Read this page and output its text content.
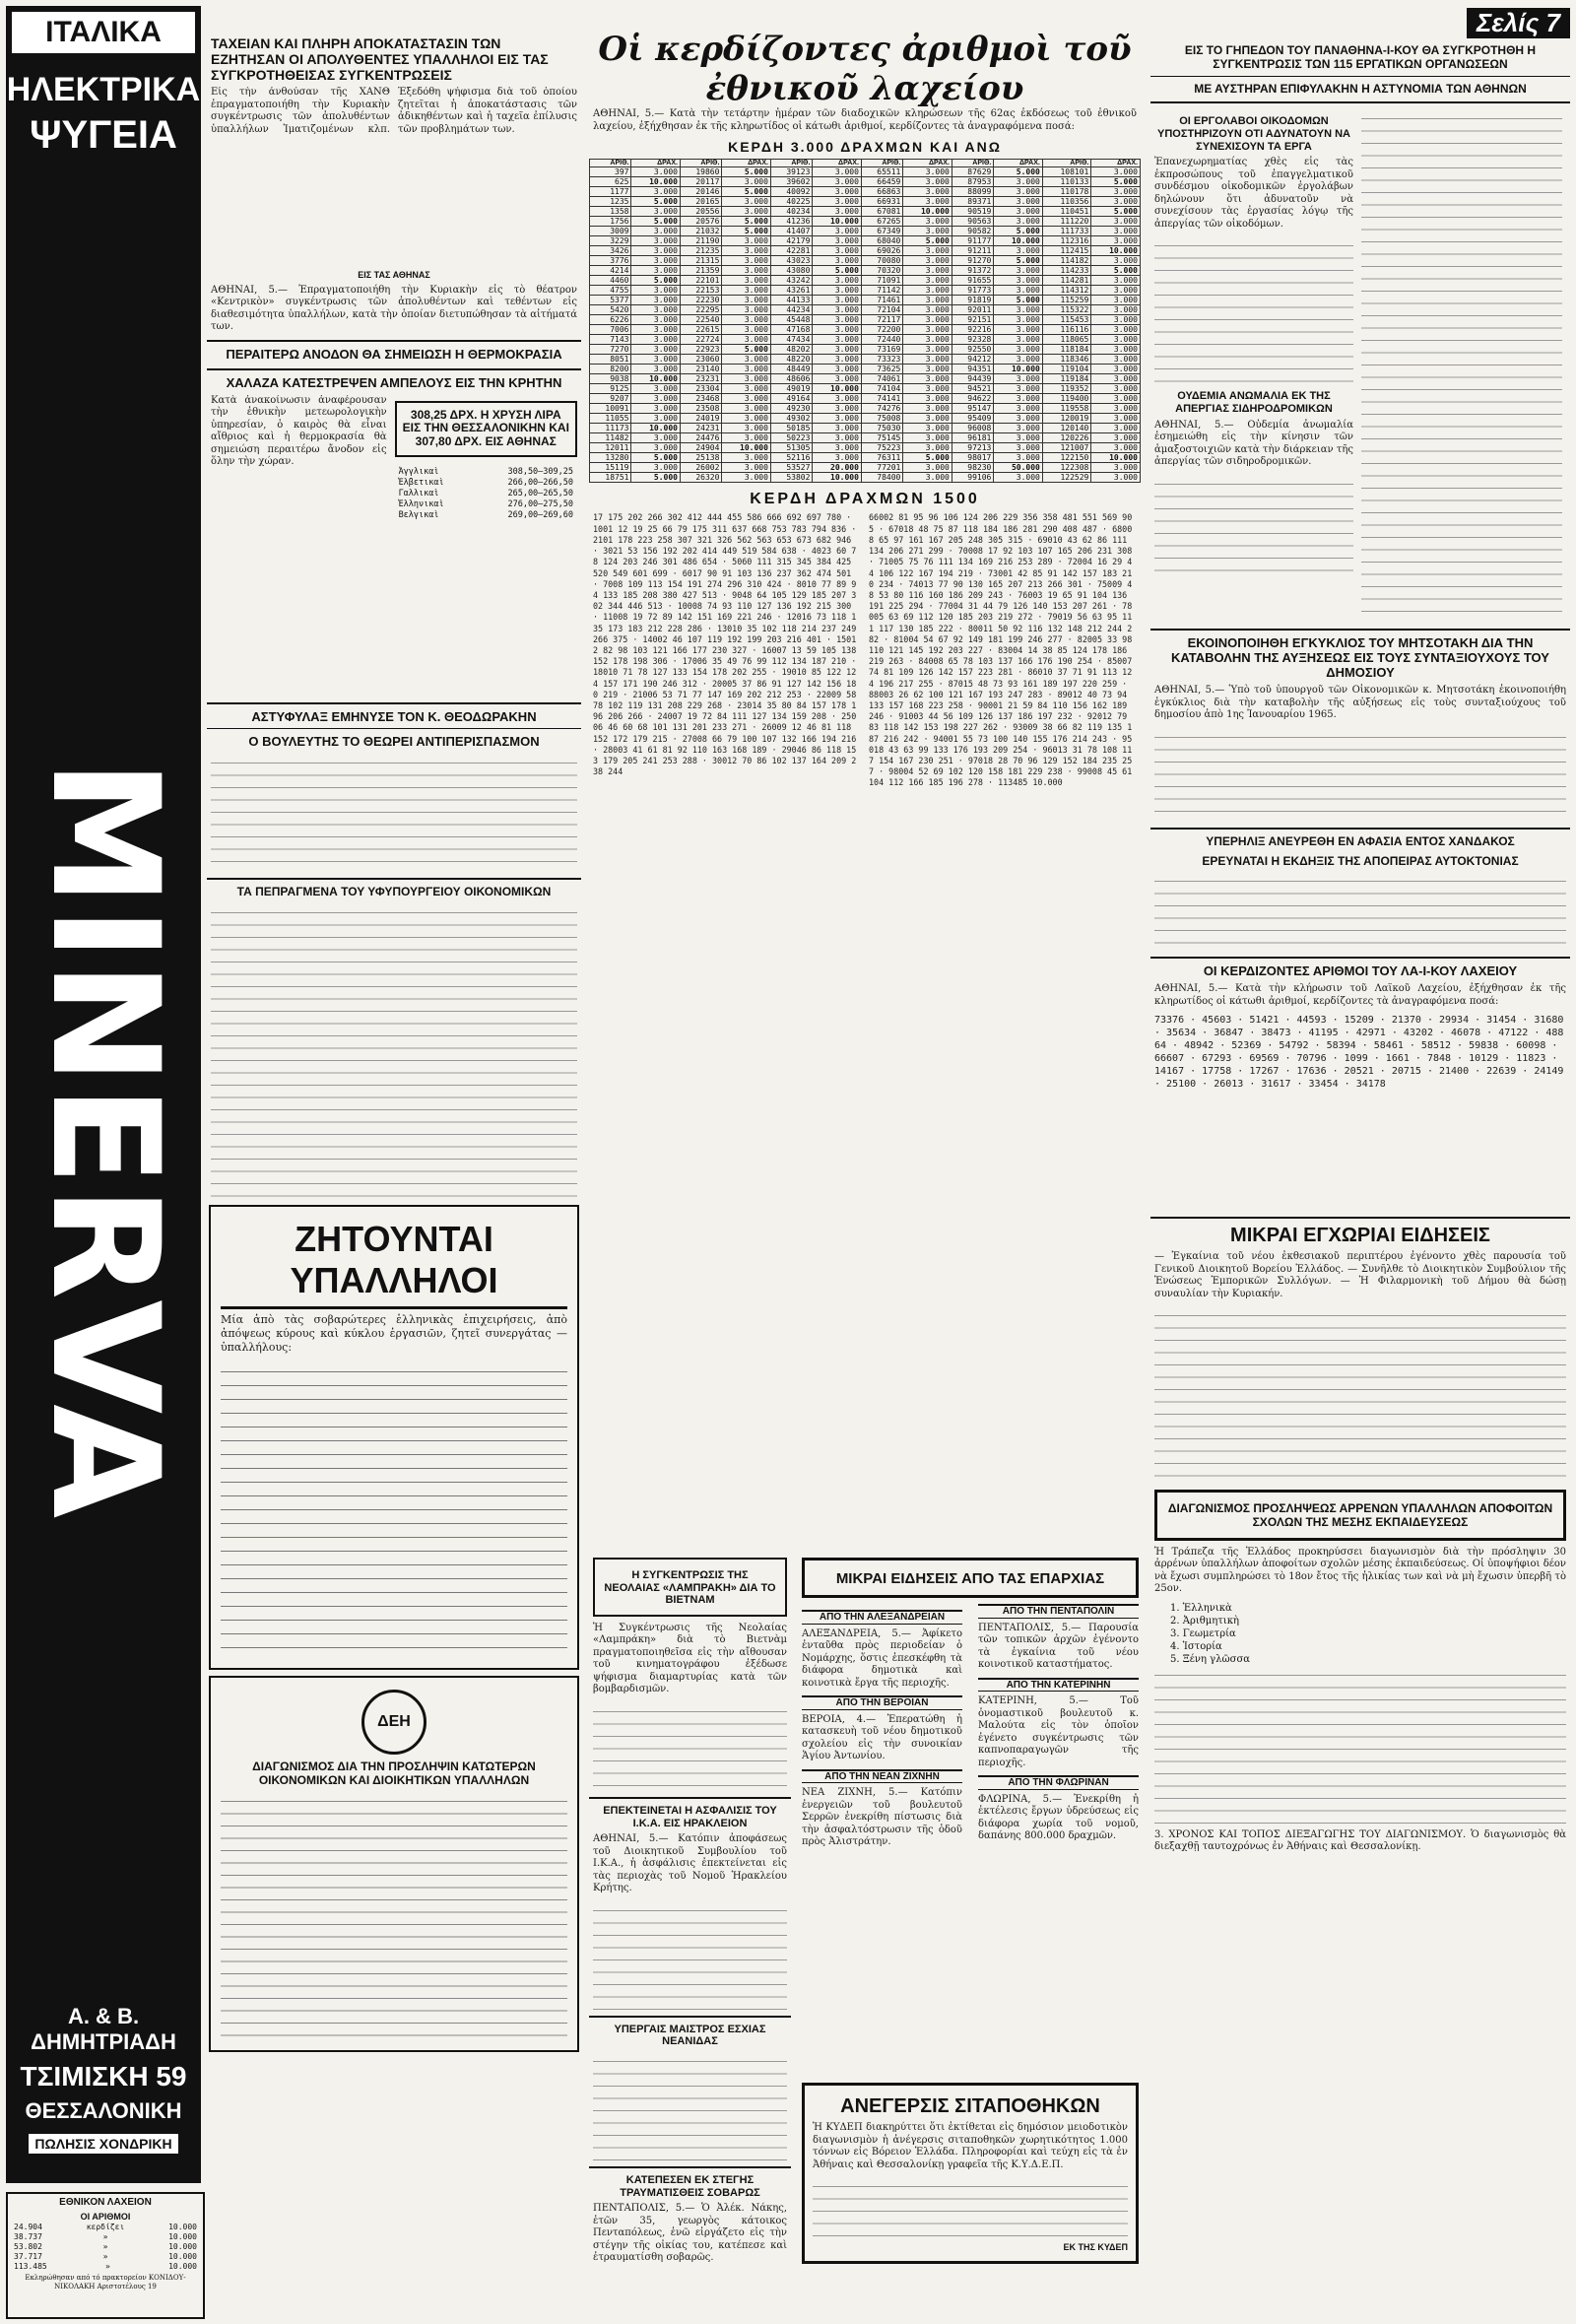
ΙΤΑΛΙΚΑ
ΗΛΕΚΤΡΙΚΑ
ΨΥΓΕΙΑ
MINERVA
Α. & Β. ΔΗΜΗΤΡΙΑΔΗ
ΤΣΙΜΙΣΚΗ 59
ΘΕΣΣΑΛΟΝΙΚΗ
ΠΩΛΗΣΙΣ ΧΟΝΔΡΙΚΗ
ΕΘΝΙΚΟΝ ΛΑΧΕΙΟΝ
ΟΙ ΑΡΙΘΜΟΙ
24.904	κερδίζει	10.000
38.737	»	10.000
53.802	»	10.000
37.717	»	10.000
113.485	»	10.000
Εκληρώθησαν από τό πρακτορείον ΚΟΝΙΔΟΥ-ΝΙΚΟΛΑΚΗ Αριστοτέλους 19
ΤΑΧΕΙΑΝ ΚΑΙ ΠΛΗΡΗ ΑΠΟΚΑΤΑΣΤΑΣΙΝ ΤΩΝ ΕΖΗΤΗΣΑΝ ΟΙ ΑΠΟΛΥΘΕΝΤΕΣ ΥΠΑΛΛΗΛΟΙ ΕΙΣ ΤΑΣ ΣΥΓΚΡΟΤΗΘΕΙΣΑΣ ΣΥΓΚΕΝΤΡΩΣΕΙΣ
Εἰς τὴν ἀνθούσαν τῆς ΧΑΝΘ ἐπραγματοποιήθη τὴν Κυριακὴν συγκέντρωσις τῶν ἀπολυθέντων ὑπαλλήλων Ἰματιζομένων κλπ. Ἐξεδόθη ψήφισμα διὰ τοῦ ὁποίου ζητεῖται ἡ ἀποκατάστασις τῶν ἀδικηθέντων καὶ ἡ ταχεῖα ἐπίλυσις τῶν προβλημάτων των.
ΕΙΣ ΤΑΣ ΑΘΗΝΑΣ
ΑΘΗΝΑΙ, 5.— Ἐπραγματοποιήθη τὴν Κυριακὴν εἰς τὸ θέατρον «Κεντρικὸν» συγκέντρωσις τῶν ἀπολυθέντων καὶ τεθέντων εἰς διαθεσιμότητα ὑπαλλήλων, κατὰ τὴν ὁποίαν διετυπώθησαν τὰ αἰτήματά των.
ΠΕΡΑΙΤΕΡΩ ΑΝΟΔΟΝ ΘΑ ΣΗΜΕΙΩΣΗ Η ΘΕΡΜΟΚΡΑΣΙΑ
ΧΑΛΑΖΑ ΚΑΤΕΣΤΡΕΨΕΝ ΑΜΠΕΛΟΥΣ ΕΙΣ ΤΗΝ ΚΡΗΤΗΝ
Κατὰ ἀνακοίνωσιν ἀναφέρουσαν τὴν ἐθνικὴν μετεωρολογικὴν ὑπηρεσίαν, ὁ καιρὸς θὰ εἶναι αἴθριος καὶ ἡ θερμοκρασία θὰ σημειώση περαιτέρω ἄνοδον εἰς ὅλην τὴν χώραν.
308,25 ΔΡΧ. Η ΧΡΥΣΗ ΛΙΡΑ ΕΙΣ ΤΗΝ ΘΕΣΣΑΛΟΝΙΚΗΝ ΚΑΙ 307,80 ΔΡΧ. ΕΙΣ ΑΘΗΝΑΣ
Ἀγγλικαὶ	308,50—309,25
Ἑλβετικαὶ	266,00—266,50
Γαλλικαὶ	265,00—265,50
Ἑλληνικαὶ	276,00—275,50
Βελγικαὶ	269,00—269,60
ΑΣΤΥΦΥΛΑΞ ΕΜΗΝΥΣΕ ΤΟΝ Κ. ΘΕΟΔΩΡΑΚΗΝ
Ο ΒΟΥΛΕΥΤΗΣ ΤΟ ΘΕΩΡΕΙ ΑΝΤΙΠΕΡΙΣΠΑΣΜΟΝ
ΤΑ ΠΕΠΡΑΓΜΕΝΑ ΤΟΥ ΥΦΥΠΟΥΡΓΕΙΟΥ ΟΙΚΟΝΟΜΙΚΩΝ
ΖΗΤΟΥΝΤΑΙ ΥΠΑΛΛΗΛΟΙ
Μία ἀπὸ τὰς σοβαρώτερες ἑλληνικὰς ἐπιχειρήσεις, ἀπὸ ἀπόψεως κύρους καὶ κύκλου ἐργασιῶν, ζητεῖ συνεργάτας — ὑπαλλήλους:
ΔΕΗ
ΔΙΑΓΩΝΙΣΜΟΣ ΔΙΑ ΤΗΝ ΠΡΟΣΛΗΨΙΝ ΚΑΤΩΤΕΡΩΝ ΟΙΚΟΝΟΜΙΚΩΝ ΚΑΙ ΔΙΟΙΚΗΤΙΚΩΝ ΥΠΑΛΛΗΛΩΝ
Οἱ κερδίζοντες ἀριθμοὶ τοῦ ἐθνικοῦ λαχείου
ΑΘΗΝΑΙ, 5.— Κατὰ τὴν τετάρτην ἡμέραν τῶν διαδοχικῶν κληρώσεων τῆς 62ας ἐκδόσεως τοῦ ἐθνικοῦ λαχείου, ἐξήχθησαν ἐκ τῆς κληρωτίδος οἱ κάτωθι ἀριθμοί, κερδίζοντες τὰ ἀναγραφόμενα ποσά:
ΚΕΡΔΗ 3.000 ΔΡΑΧΜΩΝ ΚΑΙ ΑΝΩ
ΑΡΙΘ.	ΔΡΑΧ.	ΑΡΙΘ.	ΔΡΑΧ.	ΑΡΙΘ.	ΔΡΑΧ.	ΑΡΙΘ.	ΔΡΑΧ.	ΑΡΙΘ.	ΔΡΑΧ.	ΑΡΙΘ.	ΔΡΑΧ.
397	3.000	19860	5.000	39123	3.000	65511	3.000	87629	5.000	108101	3.000
625	10.000	20117	3.000	39602	3.000	66459	3.000	87953	3.000	110133	5.000
1177	3.000	20146	5.000	40092	3.000	66863	3.000	88099	3.000	110178	3.000
1235	5.000	20165	3.000	40225	3.000	66931	3.000	89371	3.000	110356	3.000
1358	3.000	20556	3.000	40234	3.000	67081	10.000	90519	3.000	110451	5.000
1756	5.000	20576	5.000	41236	10.000	67265	3.000	90563	3.000	111220	3.000
3009	3.000	21032	5.000	41407	3.000	67349	3.000	90582	5.000	111733	3.000
3229	3.000	21190	3.000	42179	3.000	68040	5.000	91177	10.000	112316	3.000
3426	3.000	21235	3.000	42281	3.000	69026	3.000	91211	3.000	112415	10.000
3776	3.000	21315	3.000	43023	3.000	70080	3.000	91270	5.000	114182	3.000
4214	3.000	21359	3.000	43080	5.000	70320	3.000	91372	3.000	114233	5.000
4460	5.000	22101	3.000	43242	3.000	71091	3.000	91655	3.000	114281	3.000
4755	3.000	22153	3.000	43261	3.000	71142	3.000	91773	3.000	114312	3.000
5377	3.000	22230	3.000	44133	3.000	71461	3.000	91819	5.000	115259	3.000
5420	3.000	22295	3.000	44234	3.000	72104	3.000	92011	3.000	115322	3.000
6226	3.000	22540	3.000	45448	3.000	72117	3.000	92151	3.000	115453	3.000
7006	3.000	22615	3.000	47168	3.000	72200	3.000	92216	3.000	116116	3.000
7143	3.000	22724	3.000	47434	3.000	72440	3.000	92328	3.000	118065	3.000
7270	3.000	22923	5.000	48202	3.000	73169	3.000	92550	3.000	118184	3.000
8051	3.000	23060	3.000	48220	3.000	73323	3.000	94212	3.000	118346	3.000
8200	3.000	23140	3.000	48449	3.000	73625	3.000	94351	10.000	119104	3.000
9038	10.000	23231	3.000	48606	3.000	74061	3.000	94439	3.000	119184	3.000
9125	3.000	23304	3.000	49019	10.000	74104	3.000	94521	3.000	119352	3.000
9207	3.000	23468	3.000	49164	3.000	74141	3.000	94622	3.000	119400	3.000
10091	3.000	23508	3.000	49230	3.000	74276	3.000	95147	3.000	119558	3.000
11055	3.000	24019	3.000	49302	3.000	75008	3.000	95409	3.000	120019	3.000
11173	10.000	24231	3.000	50185	3.000	75030	3.000	96008	3.000	120140	3.000
11482	3.000	24476	3.000	50223	3.000	75145	3.000	96181	3.000	120226	3.000
12011	3.000	24904	10.000	51305	3.000	75223	3.000	97213	3.000	121007	3.000
13280	5.000	25138	3.000	52116	3.000	76311	5.000	98017	3.000	122150	10.000
15119	3.000	26002	3.000	53527	20.000	77201	3.000	98230	50.000	122308	3.000
18751	5.000	26320	3.000	53802	10.000	78400	3.000	99106	3.000	122529	3.000
ΚΕΡΔΗ ΔΡΑΧΜΩΝ 1500
17 175 202 266 302 412 444 455 586 666 692 697 780 · 1001 12 19 25 66 79 175 311 637 668 753 783 794 836 · 2101 178 223 258 307 321 326 562 563 653 673 682 946 · 3021 53 156 192 202 414 449 519 584 638 · 4023 60 78 124 203 246 301 486 654 · 5060 111 315 345 384 425 520 549 601 699 · 6017 90 91 103 136 237 362 474 501 · 7008 109 113 154 191 274 296 310 424 · 8010 77 89 94 133 185 208 380 427 513 · 9048 64 105 129 185 207 302 344 446 513 · 10008 74 93 110 127 136 192 215 300 · 11008 19 72 89 142 151 169 221 246 · 12016 73 118 135 173 183 212 228 286 · 13010 35 102 118 214 237 249 266 375 · 14002 46 107 119 192 199 203 216 401 · 15012 82 98 103 121 166 177 230 327 · 16007 13 59 105 138 152 178 198 306 · 17006 35 49 76 99 112 134 187 210 · 18010 71 78 127 133 154 178 202 255 · 19010 85 122 124 157 171 190 246 312 · 20005 37 86 91 127 142 156 180 219 · 21006 53 71 77 147 169 202 212 253 · 22009 58 78 102 119 131 208 229 268 · 23014 35 80 84 157 178 196 206 266 · 24007 19 72 84 111 127 134 159 208 · 25006 46 60 68 101 131 201 233 271 · 26009 12 46 81 118 152 172 179 215 · 27008 66 79 100 107 132 166 194 216 · 28003 41 61 81 92 110 163 168 189 · 29046 86 118 153 179 205 241 253 288 · 30012 70 86 102 137 164 209 238 244
66002 81 95 96 106 124 206 229 356 358 481 551 569 905 · 67018 48 75 87 118 184 186 281 290 408 487 · 68008 65 97 161 167 205 248 305 315 · 69010 43 62 86 111 134 206 271 299 · 70008 17 92 103 107 165 206 231 308 · 71005 75 76 111 134 169 216 253 289 · 72004 16 29 44 106 122 167 194 219 · 73001 42 85 91 142 157 183 210 234 · 74013 77 90 130 165 207 213 266 301 · 75009 48 53 80 116 160 186 209 243 · 76003 19 65 91 104 136 191 225 294 · 77004 31 44 79 126 140 153 207 261 · 78005 63 69 112 120 185 203 219 272 · 79019 56 63 95 111 117 130 185 222 · 80011 50 92 116 132 148 212 244 282 · 81004 54 67 92 149 181 199 246 277 · 82005 33 98 110 121 145 192 203 227 · 83004 14 38 85 124 178 186 219 263 · 84008 65 78 103 137 166 176 190 254 · 85007 74 81 109 126 142 157 223 281 · 86010 37 71 91 113 124 196 217 255 · 87015 48 73 93 161 189 197 220 259 · 88003 26 62 100 121 167 193 247 283 · 89012 40 73 94 133 157 168 223 258 · 90001 21 59 84 110 156 162 189 246 · 91003 44 56 109 126 137 186 197 232 · 92012 79 83 118 142 153 198 227 262 · 93009 38 66 82 119 135 187 216 242 · 94001 55 73 100 140 155 176 214 243 · 95018 43 63 99 133 176 193 209 254 · 96013 31 78 108 117 154 167 230 251 · 97018 28 70 96 129 152 184 235 257 · 98004 52 69 102 120 158 181 229 238 · 99008 45 61 104 112 166 185 196 278 · 113485 10.000
Η ΣΥΓΚΕΝΤΡΩΣΙΣ ΤΗΣ ΝΕΟΛΑΙΑΣ «ΛΑΜΠΡΑΚΗ» ΔΙΑ ΤΟ ΒΙΕΤΝΑΜ
Ἡ Συγκέντρωσις τῆς Νεολαίας «Λαμπράκη» διὰ τὸ Βιετνὰμ πραγματοποιηθεῖσα εἰς τὴν αἴθουσαν τοῦ κινηματογράφου ἐξέδωσε ψήφισμα διαμαρτυρίας κατὰ τῶν βομβαρδισμῶν.
ΕΠΕΚΤΕΙΝΕΤΑΙ Η ΑΣΦΑΛΙΣΙΣ ΤΟΥ Ι.Κ.Α. ΕΙΣ ΗΡΑΚΛΕΙΟΝ
ΑΘΗΝΑΙ, 5.— Κατόπιν ἀποφάσεως τοῦ Διοικητικοῦ Συμβουλίου τοῦ Ι.Κ.Α., ἡ ἀσφάλισις ἐπεκτείνεται εἰς τὰς περιοχὰς τοῦ Νομοῦ Ἡρακλείου Κρήτης.
ΥΠΕΡΓΑΙΣ ΜΑΙΣΤΡΟΣ ΕΣΧΙΑΣ ΝΕΑΝΙΔΑΣ
ΚΑΤΕΠΕΣΕΝ ΕΚ ΣΤΕΓΗΣ ΤΡΑΥΜΑΤΙΣΘΕΙΣ ΣΟΒΑΡΩΣ
ΠΕΝΤΑΠΟΛΙΣ, 5.— Ὁ Ἀλέκ. Νάκης, ἐτῶν 35, γεωργὸς κάτοικος Πενταπόλεως, ἐνῶ εἰργάζετο εἰς τὴν στέγην τῆς οἰκίας του, κατέπεσε καὶ ἐτραυματίσθη σοβαρῶς.
ΜΙΚΡΑΙ ΕΙΔΗΣΕΙΣ ΑΠΟ ΤΑΣ ΕΠΑΡΧΙΑΣ
ΑΠΟ ΤΗΝ ΑΛΕΞΑΝΔΡΕΙΑΝ
ΑΛΕΞΑΝΔΡΕΙΑ, 5.— Ἀφίκετο ἐνταῦθα πρὸς περιοδείαν ὁ Νομάρχης, ὅστις ἐπεσκέφθη τὰ διάφορα δημοτικὰ καὶ κοινοτικὰ ἔργα τῆς περιοχῆς.
ΑΠΟ ΤΗΝ ΒΕΡΟΙΑΝ
ΒΕΡΟΙΑ, 4.— Ἐπερατώθη ἡ κατασκευὴ τοῦ νέου δημοτικοῦ σχολείου εἰς τὴν συνοικίαν Ἁγίου Ἀντωνίου.
ΑΠΟ ΤΗΝ ΝΕΑΝ ΖΙΧΝΗΝ
ΝΕΑ ΖΙΧΝΗ, 5.— Κατόπιν ἐνεργειῶν τοῦ βουλευτοῦ Σερρῶν ἐνεκρίθη πίστωσις διὰ τὴν ἀσφαλτόστρωσιν τῆς ὁδοῦ πρὸς Ἀλιστράτην.
ΑΠΟ ΤΗΝ ΠΕΝΤΑΠΟΛΙΝ
ΠΕΝΤΑΠΟΛΙΣ, 5.— Παρουσία τῶν τοπικῶν ἀρχῶν ἐγένοντο τὰ ἐγκαίνια τοῦ νέου κοινοτικοῦ καταστήματος.
ΑΠΟ ΤΗΝ ΚΑΤΕΡΙΝΗΝ
ΚΑΤΕΡΙΝΗ, 5.— Τοῦ ὀνομαστικοῦ βουλευτοῦ κ. Μαλούτα εἰς τὸν ὁποῖον ἐγένετο συγκέντρωσις τῶν καπνοπαραγωγῶν τῆς περιοχῆς.
ΑΠΟ ΤΗΝ ΦΛΩΡΙΝΑΝ
ΦΛΩΡΙΝΑ, 5.— Ἐνεκρίθη ἡ ἐκτέλεσις ἔργων ὑδρεύσεως εἰς διάφορα χωρία τοῦ νομοῦ, δαπάνης 800.000 δραχμῶν.
ΑΝΕΓΕΡΣΙΣ ΣΙΤΑΠΟΘΗΚΩΝ
Ἡ ΚΥΔΕΠ διακηρύττει ὅτι ἐκτίθεται εἰς δημόσιον μειοδοτικὸν διαγωνισμὸν ἡ ἀνέγερσις σιταποθηκῶν χωρητικότητος 1.000 τόννων εἰς Βόρειον Ἑλλάδα. Πληροφορίαι καὶ τεύχη εἰς τὰ ἐν Ἀθήναις καὶ Θεσσαλονίκῃ γραφεῖα τῆς Κ.Υ.Δ.Ε.Π.
ΕΚ ΤΗΣ ΚΥΔΕΠ
Σελίς 7
ΕΙΣ ΤΟ ΓΗΠΕΔΟΝ ΤΟΥ ΠΑΝΑΘΗΝΑ-Ι-ΚΟΥ ΘΑ ΣΥΓΚΡΟΤΗΘΗ Η ΣΥΓΚΕΝΤΡΩΣΙΣ ΤΩΝ 115 ΕΡΓΑΤΙΚΩΝ ΟΡΓΑΝΩΣΕΩΝ
ΜΕ ΑΥΣΤΗΡΑΝ ΕΠΙΦΥΛΑΚΗΝ Η ΑΣΤΥΝΟΜΙΑ ΤΩΝ ΑΘΗΝΩΝ
ΟΙ ΕΡΓΟΛΑΒΟΙ ΟΙΚΟΔΟΜΩΝ ΥΠΟΣΤΗΡΙΖΟΥΝ ΟΤΙ ΑΔΥΝΑΤΟΥΝ ΝΑ ΣΥΝΕΧΙΣΟΥΝ ΤΑ ΕΡΓΑ
Ἐπανεχωρηματίας χθὲς εἰς τὰς ἐκπροσώπους τοῦ ἐπαγγελματικοῦ συνδέσμου οἰκοδομικῶν ἐργολάβων δηλώνουν ὅτι ἀδυνατοῦν νὰ συνεχίσουν τὰς ἐργασίας λόγῳ τῆς ἀπεργίας τῶν οἰκοδόμων.
ΟΥΔΕΜΙΑ ΑΝΩΜΑΛΙΑ ΕΚ ΤΗΣ ΑΠΕΡΓΙΑΣ ΣΙΔΗΡΟΔΡΟΜΙΚΩΝ
ΑΘΗΝΑΙ, 5.— Οὐδεμία ἀνωμαλία ἐσημειώθη εἰς τὴν κίνησιν τῶν ἁμαξοστοιχιῶν κατὰ τὴν διάρκειαν τῆς ἀπεργίας τῶν σιδηροδρομικῶν.
ΕΚΟΙΝΟΠΟΙΗΘΗ ΕΓΚΥΚΛΙΟΣ ΤΟΥ ΜΗΤΣΟΤΑΚΗ ΔΙΑ ΤΗΝ ΚΑΤΑΒΟΛΗΝ ΤΗΣ ΑΥΞΗΣΕΩΣ ΕΙΣ ΤΟΥΣ ΣΥΝΤΑΞΙΟΥΧΟΥΣ ΤΟΥ ΔΗΜΟΣΙΟΥ
ΑΘΗΝΑΙ, 5.— Ὑπὸ τοῦ ὑπουργοῦ τῶν Οἰκονομικῶν κ. Μητσοτάκη ἐκοινοποιήθη ἐγκύκλιος διὰ τὴν καταβολὴν τῆς αὐξήσεως εἰς τοὺς συνταξιούχους τοῦ δημοσίου ἀπὸ 1ης Ἰανουαρίου 1965.
ΥΠΕΡΗΛΙΞ ΑΝΕΥΡΕΘΗ ΕΝ ΑΦΑΣΙΑ ΕΝΤΟΣ ΧΑΝΔΑΚΟΣ
ΕΡΕΥΝΑΤΑΙ Η ΕΚΔΗΞΙΣ ΤΗΣ ΑΠΟΠΕΙΡΑΣ ΑΥΤΟΚΤΟΝΙΑΣ
ΟΙ ΚΕΡΔΙΖΟΝΤΕΣ ΑΡΙΘΜΟΙ ΤΟΥ ΛΑ-Ι-ΚΟΥ ΛΑΧΕΙΟΥ
ΑΘΗΝΑΙ, 5.— Κατὰ τὴν κλήρωσιν τοῦ Λαϊκοῦ Λαχείου, ἐξήχθησαν ἐκ τῆς κληρωτίδος οἱ κάτωθι ἀριθμοί, κερδίζοντες τὰ ἀναγραφόμενα ποσά:
73376 · 45603 · 51421 · 44593 · 15209 · 21370 · 29934 · 31454 · 31680 · 35634 · 36847 · 38473 · 41195 · 42971 · 43202 · 46078 · 47122 · 48864 · 48942 · 52369 · 54792 · 58394 · 58461 · 58512 · 59838 · 60098 · 66607 · 67293 · 69569 · 70796 · 1099 · 1661 · 7848 · 10129 · 11823 · 14167 · 17758 · 17267 · 17636 · 20521 · 20715 · 21400 · 22639 · 24149 · 25100 · 26013 · 31617 · 33454 · 34178
ΜΙΚΡΑΙ ΕΓΧΩΡΙΑΙ ΕΙΔΗΣΕΙΣ
— Ἐγκαίνια τοῦ νέου ἐκθεσιακοῦ περιπτέρου ἐγένοντο χθὲς παρουσία τοῦ Γενικοῦ Διοικητοῦ Βορείου Ἑλλάδος. — Συνῆλθε τὸ Διοικητικὸν Συμβούλιον τῆς Ἑνώσεως Ἐμπορικῶν Συλλόγων. — Ἡ Φιλαρμονικὴ τοῦ Δήμου θὰ δώσῃ συναυλίαν τὴν Κυριακήν.
ΔΙΑΓΩΝΙΣΜΟΣ ΠΡΟΣΛΗΨΕΩΣ ΑΡΡΕΝΩΝ ΥΠΑΛΛΗΛΩΝ ΑΠΟΦΟΙΤΩΝ ΣΧΟΛΩΝ ΤΗΣ ΜΕΣΗΣ ΕΚΠΑΙΔΕΥΣΕΩΣ
Ἡ Τράπεζα τῆς Ἑλλάδος προκηρύσσει διαγωνισμὸν διὰ τὴν πρόσληψιν 30 ἀρρένων ὑπαλλήλων ἀποφοίτων σχολῶν μέσης ἐκπαιδεύσεως. Οἱ ὑποψήφιοι δέον νὰ ἔχωσι συμπληρώσει τὸ 18ον ἔτος τῆς ἡλικίας των καὶ νὰ μὴ ἔχωσιν ὑπερβῆ τὸ 25ον.
1. Ἑλληνικὰ
2. Ἀριθμητικὴ
3. Γεωμετρία
4. Ἱστορία
5. Ξένη γλῶσσα
3. ΧΡΟΝΟΣ ΚΑΙ ΤΟΠΟΣ ΔΙΕΞΑΓΩΓΗΣ ΤΟΥ ΔΙΑΓΩΝΙΣΜΟΥ. Ὁ διαγωνισμὸς θὰ διεξαχθῇ ταυτοχρόνως ἐν Ἀθήναις καὶ Θεσσαλονίκῃ.
